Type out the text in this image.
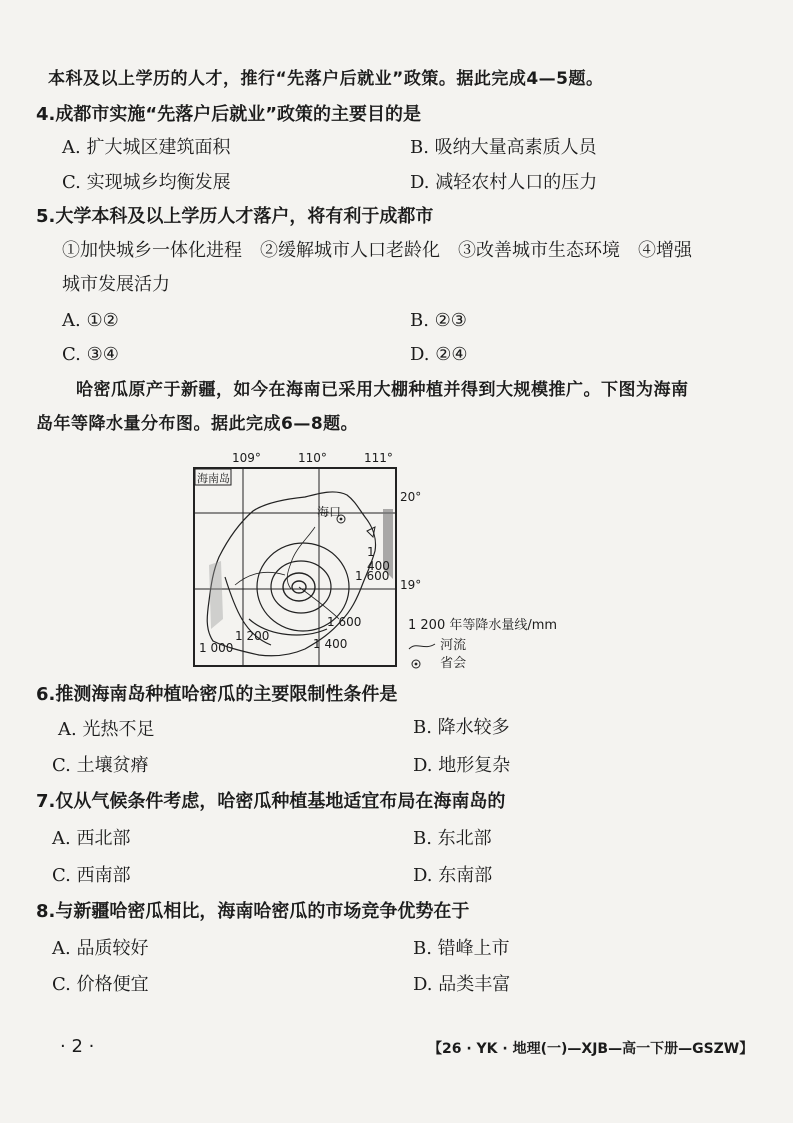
本科及以上学历的人才，推行“先落户后就业”政策。据此完成4—5题。
4.成都市实施“先落户后就业”政策的主要目的是
A. 扩大城区建筑面积	B. 吸纳大量高素质人员
C. 实现城乡均衡发展	D. 减轻农村人口的压力
5.大学本科及以上学历人才落户，将有利于成都市
①加快城乡一体化进程　②缓解城市人口老龄化　③改善城市生态环境　④增强
城市发展活力
A. ①②	B. ②③
C. ③④	D. ②④
哈密瓜原产于新疆，如今在海南已采用大棚种植并得到大规模推广。下图为海南
岛年等降水量分布图。据此完成6—8题。
109°	110°	111°
海南岛
海口
1 400
1 600
1 600
1 200
1 400
1 000
20°
19°
1 200 年等降水量线/mm
河流
省会
6.推测海南岛种植哈密瓜的主要限制性条件是
A. 光热不足	B. 降水较多
C. 土壤贫瘠	D. 地形复杂
7.仅从气候条件考虑，哈密瓜种植基地适宜布局在海南岛的
A. 西北部	B. 东北部
C. 西南部	D. 东南部
8.与新疆哈密瓜相比，海南哈密瓜的市场竞争优势在于
A. 品质较好	B. 错峰上市
C. 价格便宜	D. 品类丰富
· 2 ·	【26 · YK · 地理(一)—XJB—高一下册—GSZW】
